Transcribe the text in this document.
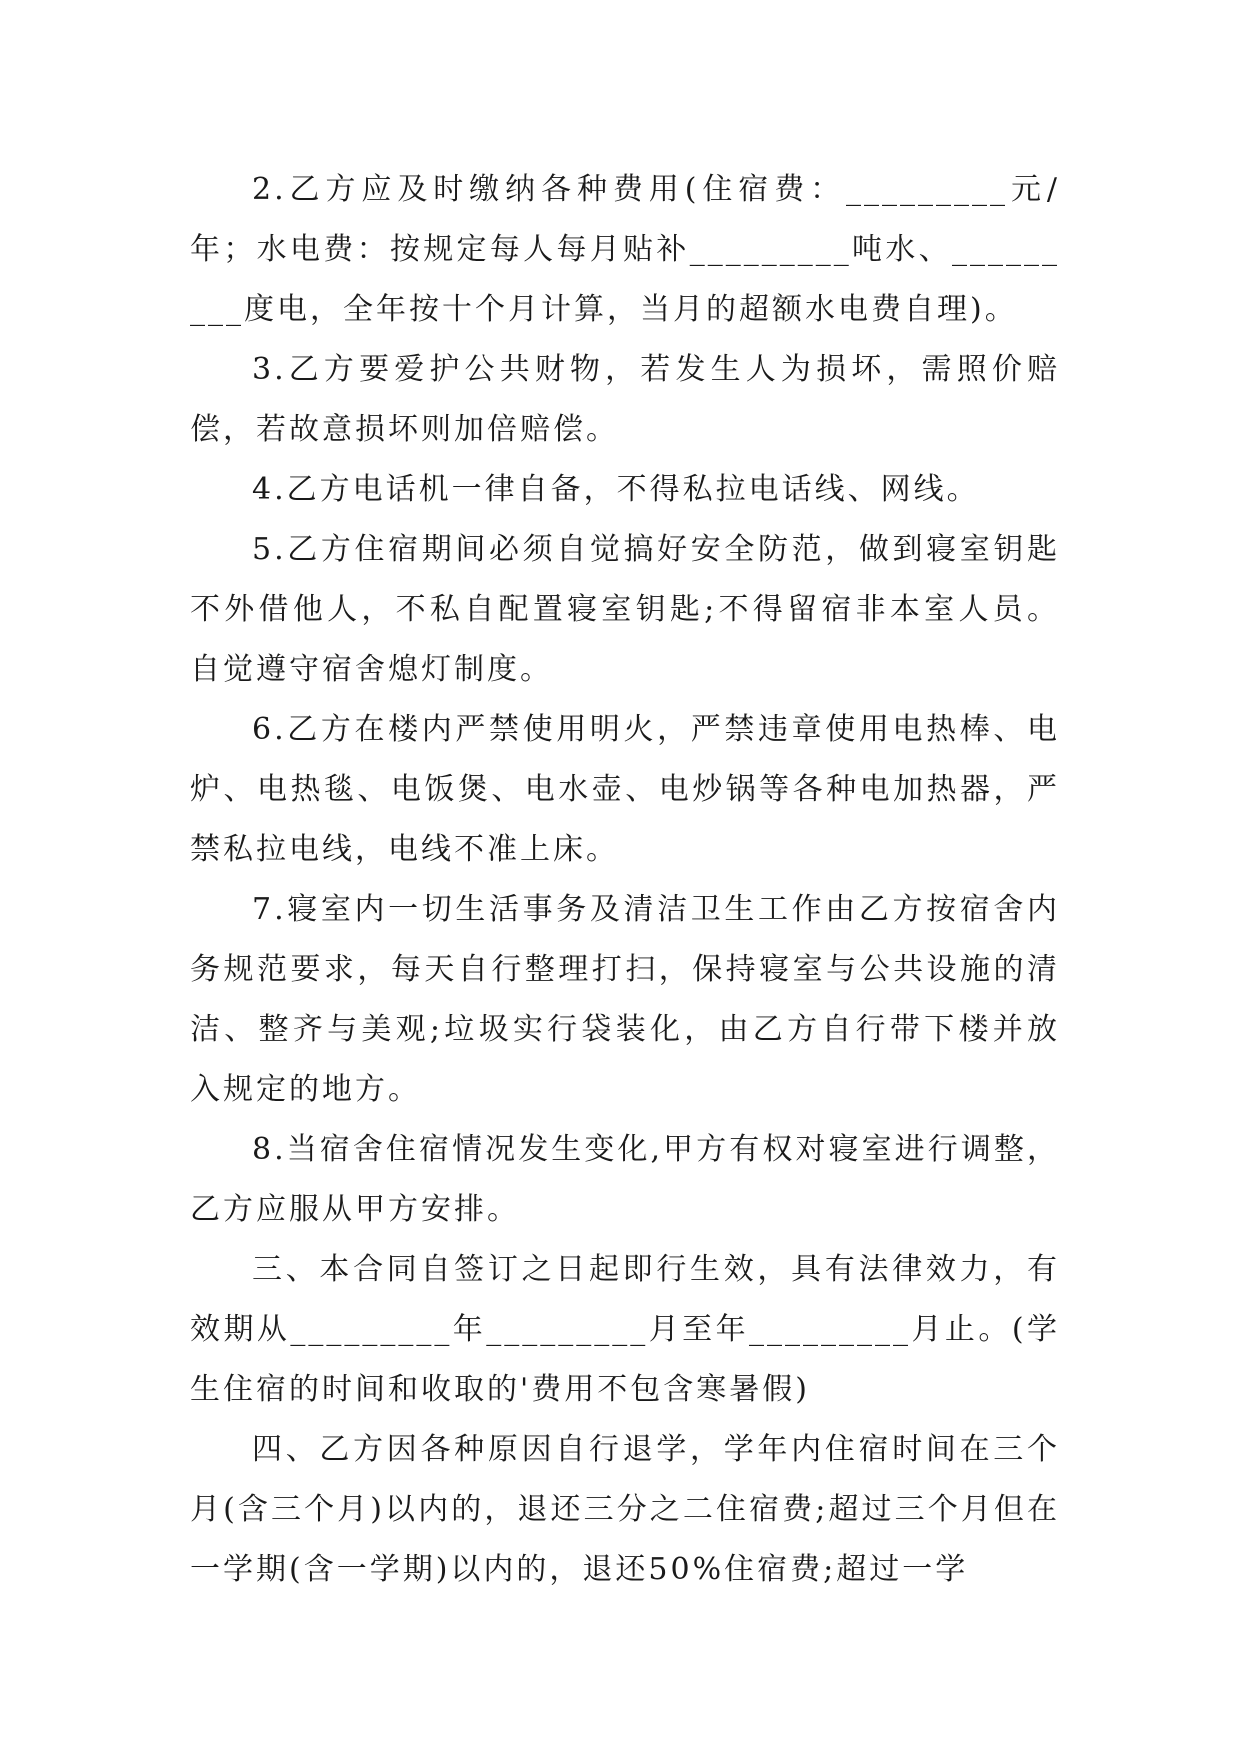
2.乙方应及时缴纳各种费用(住宿费：_________元/年；水电费：按规定每人每月贴补_________吨水、_________度电，全年按十个月计算，当月的超额水电费自理)。

3.乙方要爱护公共财物，若发生人为损坏，需照价赔偿，若故意损坏则加倍赔偿。

4.乙方电话机一律自备，不得私拉电话线、网线。

5.乙方住宿期间必须自觉搞好安全防范，做到寝室钥匙不外借他人，不私自配置寝室钥匙;不得留宿非本室人员。自觉遵守宿舍熄灯制度。

6.乙方在楼内严禁使用明火，严禁违章使用电热棒、电炉、电热毯、电饭煲、电水壶、电炒锅等各种电加热器，严禁私拉电线，电线不准上床。

7.寝室内一切生活事务及清洁卫生工作由乙方按宿舍内务规范要求，每天自行整理打扫，保持寝室与公共设施的清洁、整齐与美观;垃圾实行袋装化，由乙方自行带下楼并放入规定的地方。

8.当宿舍住宿情况发生变化,甲方有权对寝室进行调整，乙方应服从甲方安排。

三、本合同自签订之日起即行生效，具有法律效力，有效期从_________年_________月至年_________月止。(学生住宿的时间和收取的'费用不包含寒暑假)

四、乙方因各种原因自行退学，学年内住宿时间在三个月(含三个月)以内的，退还三分之二住宿费;超过三个月但在一学期(含一学期)以内的，退还50%住宿费;超过一学
